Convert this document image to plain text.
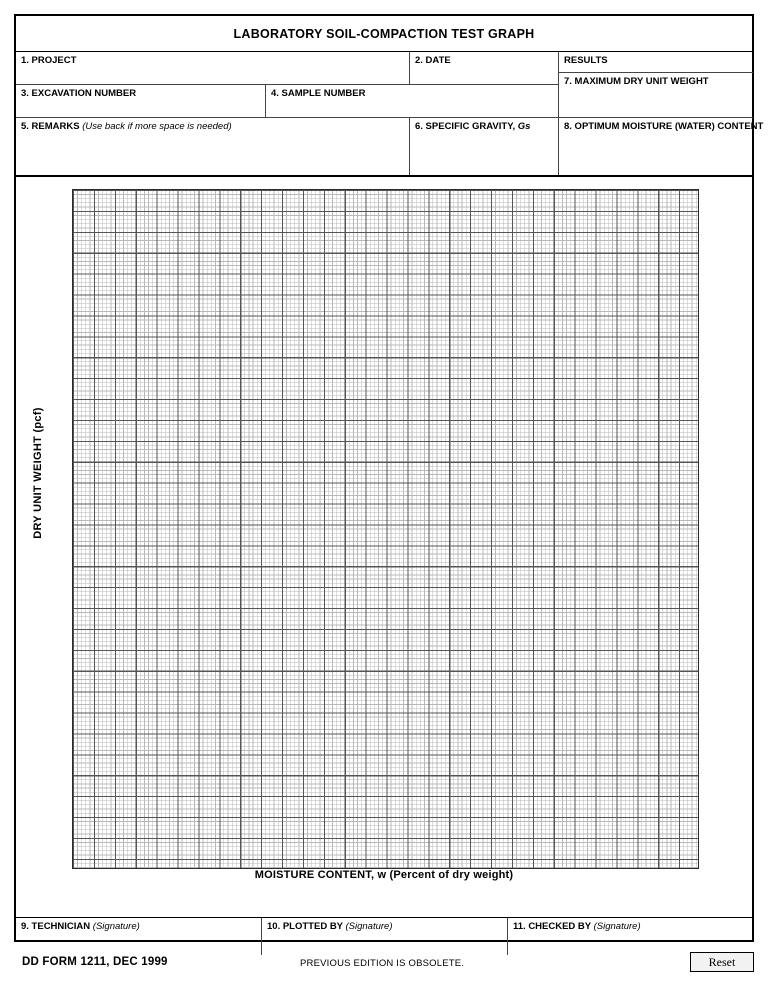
LABORATORY SOIL-COMPACTION TEST GRAPH
1. PROJECT	2. DATE
3. EXCAVATION NUMBER	4. SAMPLE NUMBER
5. REMARKS (Use back if more space is needed)	6. SPECIFIC GRAVITY, Gs
RESULTS
7. MAXIMUM DRY UNIT WEIGHT
8. OPTIMUM MOISTURE (WATER) CONTENT
DRY UNIT WEIGHT (pcf)
MOISTURE CONTENT, w (Percent of dry weight)
9. TECHNICIAN (Signature)	10. PLOTTED BY (Signature)	11. CHECKED BY (Signature)
DD FORM 1211, DEC 1999	PREVIOUS EDITION IS OBSOLETE.	Reset
